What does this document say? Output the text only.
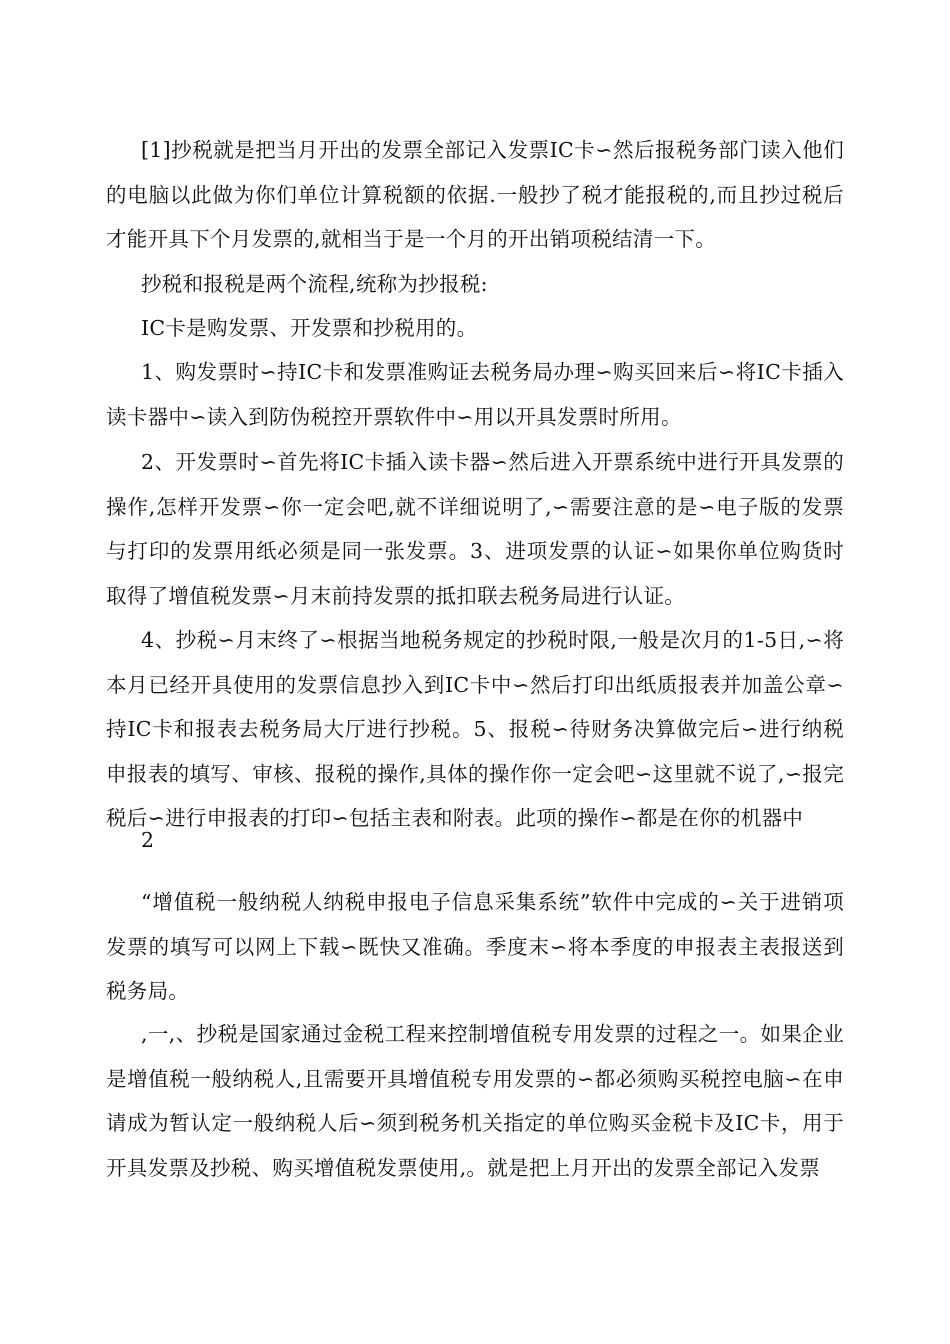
[1]抄税就是把当月开出的发票全部记入发票IC卡∽然后报税务部门读入他们的电脑以此做为你们单位计算税额的依据.一般抄了税才能报税的,而且抄过税后才能开具下个月发票的,就相当于是一个月的开出销项税结清一下。

抄税和报税是两个流程,统称为抄报税:

IC卡是购发票、开发票和抄税用的。

1、购发票时∽持IC卡和发票准购证去税务局办理∽购买回来后∽将IC卡插入读卡器中∽读入到防伪税控开票软件中∽用以开具发票时所用。

2、开发票时∽首先将IC卡插入读卡器∽然后进入开票系统中进行开具发票的操作,怎样开发票∽你一定会吧,就不详细说明了,∽需要注意的是∽电子版的发票与打印的发票用纸必须是同一张发票。3、进项发票的认证∽如果你单位购货时取得了增值税发票∽月末前持发票的抵扣联去税务局进行认证。

4、抄税∽月末终了∽根据当地税务规定的抄税时限,一般是次月的1-5日,∽将本月已经开具使用的发票信息抄入到IC卡中∽然后打印出纸质报表并加盖公章∽持IC卡和报表去税务局大厅进行抄税。5、报税∽待财务决算做完后∽进行纳税申报表的填写、审核、报税的操作,具体的操作你一定会吧∽这里就不说了,∽报完税后∽进行申报表的打印∽包括主表和附表。此项的操作∽都是在你的机器中

2

“增值税一般纳税人纳税申报电子信息采集系统”软件中完成的∽关于进销项发票的填写可以网上下载∽既快又准确。季度末∽将本季度的申报表主表报送到税务局。

,一,、抄税是国家通过金税工程来控制增值税专用发票的过程之一。如果企业是增值税一般纳税人,且需要开具增值税专用发票的∽都必须购买税控电脑∽在申请成为暂认定一般纳税人后∽须到税务机关指定的单位购买金税卡及IC卡，用于开具发票及抄税、购买增值税发票使用,。就是把上月开出的发票全部记入发票
